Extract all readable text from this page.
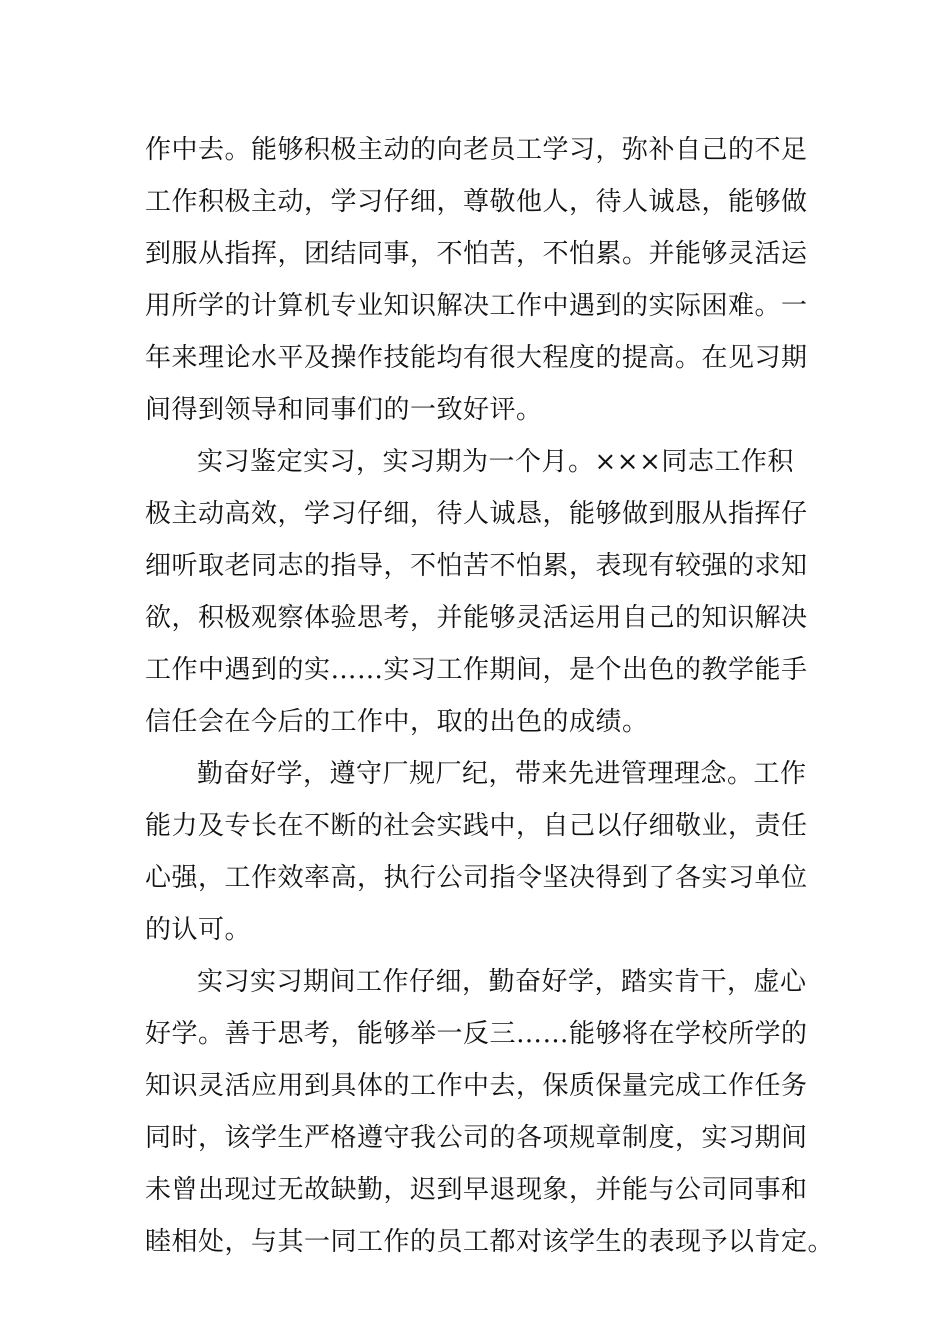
作中去。能够积极主动的向老员工学习，弥补自己的不足
工作积极主动，学习仔细，尊敬他人，待人诚恳，能够做
到服从指挥，团结同事，不怕苦，不怕累。并能够灵活运
用所学的计算机专业知识解决工作中遇到的实际困难。一
年来理论水平及操作技能均有很大程度的提高。在见习期
间得到领导和同事们的一致好评。
实习鉴定实习，实习期为一个月。×××同志工作积
极主动高效，学习仔细，待人诚恳，能够做到服从指挥仔
细听取老同志的指导，不怕苦不怕累，表现有较强的求知
欲，积极观察体验思考，并能够灵活运用自己的知识解决
工作中遇到的实……实习工作期间，是个出色的教学能手
信任会在今后的工作中，取的出色的成绩。
勤奋好学，遵守厂规厂纪，带来先进管理理念。工作
能力及专长在不断的社会实践中，自己以仔细敬业，责任
心强，工作效率高，执行公司指令坚决得到了各实习单位
的认可。
实习实习期间工作仔细，勤奋好学，踏实肯干，虚心
好学。善于思考，能够举一反三……能够将在学校所学的
知识灵活应用到具体的工作中去，保质保量完成工作任务
同时，该学生严格遵守我公司的各项规章制度，实习期间
未曾出现过无故缺勤，迟到早退现象，并能与公司同事和
睦相处，与其一同工作的员工都对该学生的表现予以肯定。
